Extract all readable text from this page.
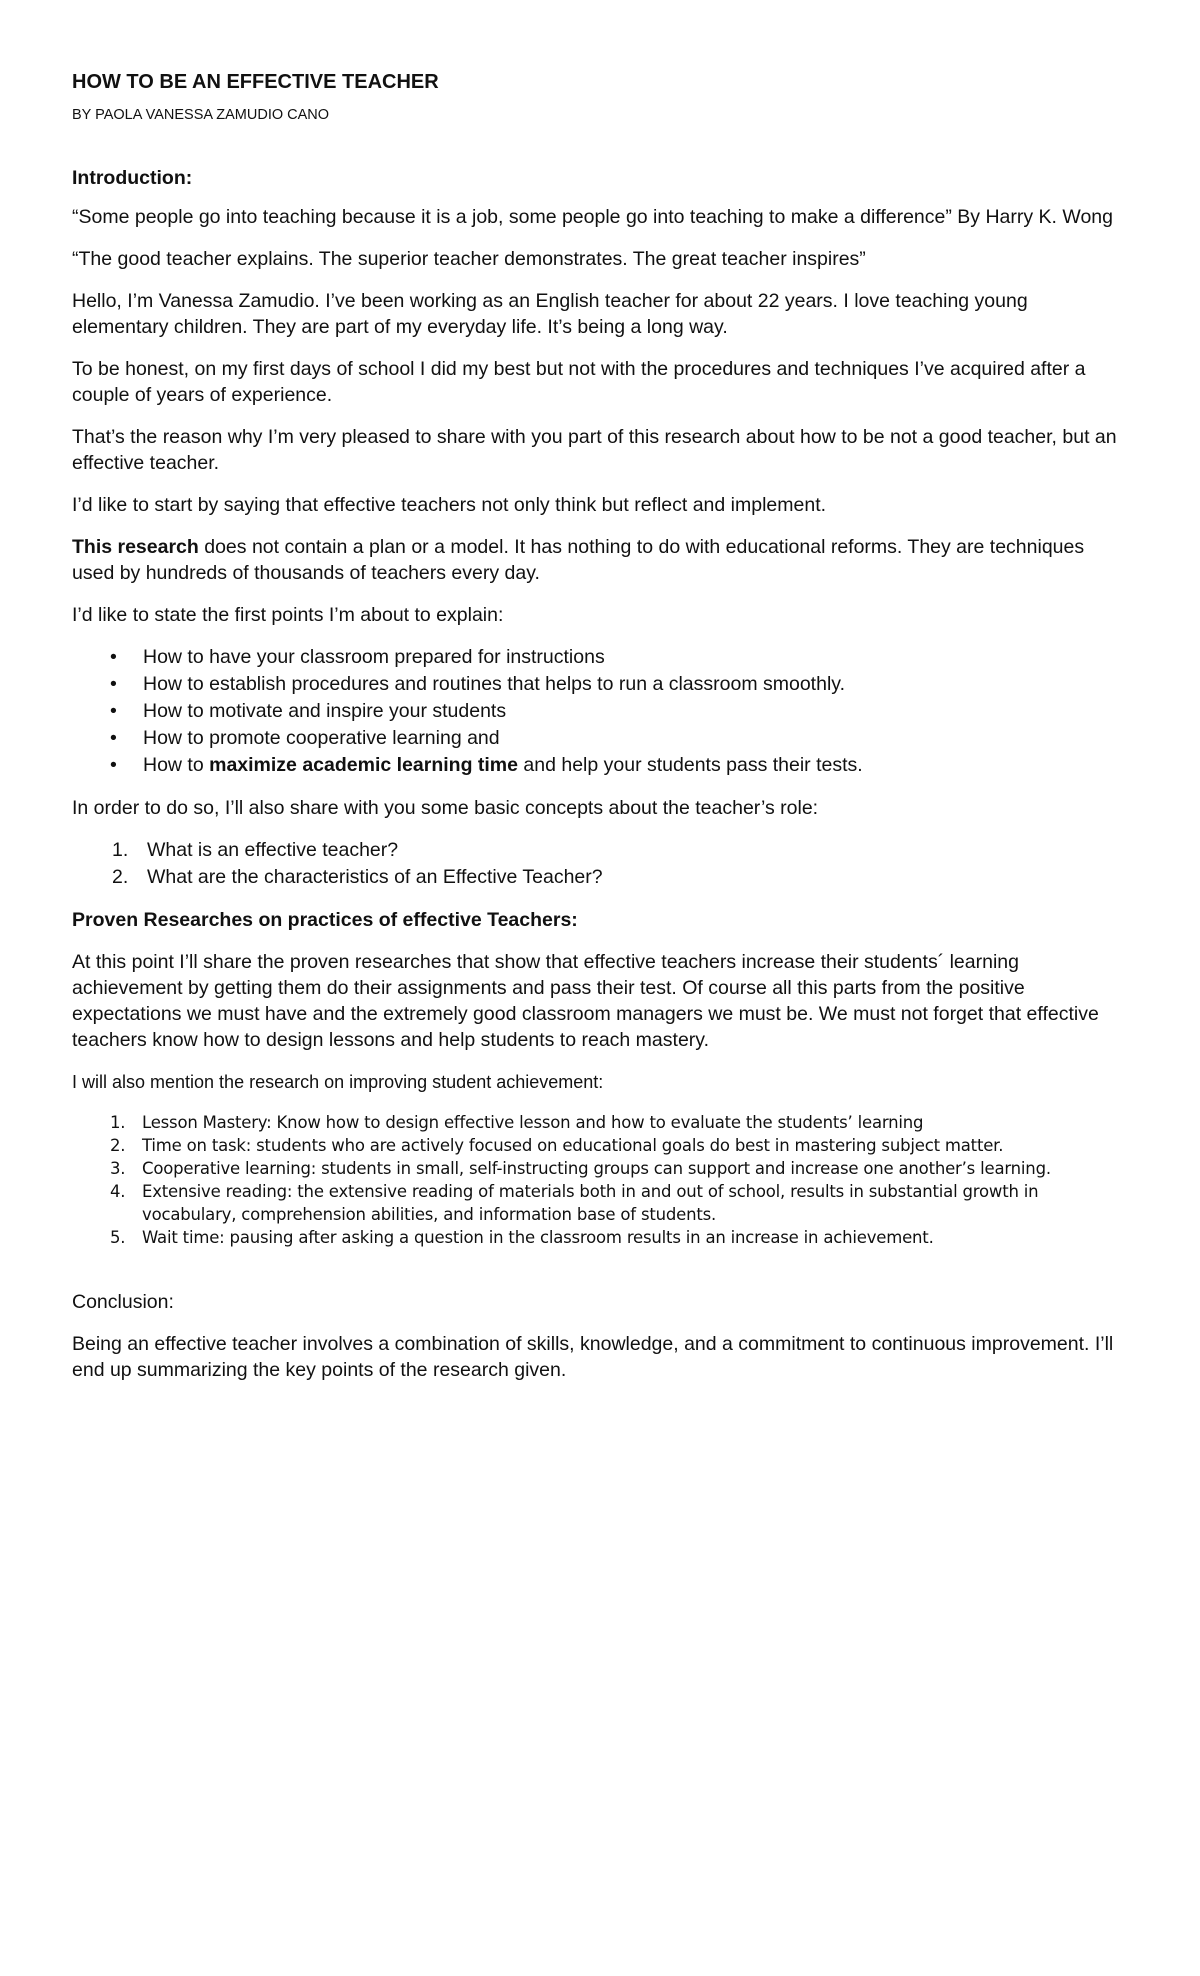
HOW TO BE AN EFFECTIVE TEACHER
BY PAOLA VANESSA ZAMUDIO CANO
Introduction:

“Some people go into teaching because it is a job, some people go into teaching to make a difference” By Harry K. Wong

“The good teacher explains. The superior teacher demonstrates. The great teacher inspires”

Hello, I’m Vanessa Zamudio. I’ve been working as an English teacher for about 22 years. I love teaching young elementary children. They are part of my everyday life. It’s being a long way.

To be honest, on my first days of school I did my best but not with the procedures and techniques I’ve acquired after a couple of years of experience.

That’s the reason why I’m very pleased to share with you part of this research about how to be not a good teacher, but an effective teacher.

I’d like to start by saying that effective teachers not only think but reflect and implement.

This research does not contain a plan or a model. It has nothing to do with educational reforms. They are techniques used by hundreds of thousands of teachers every day.

I’d like to state the first points I’m about to explain:

• How to have your classroom prepared for instructions
• How to establish procedures and routines that helps to run a classroom smoothly.
• How to motivate and inspire your students
• How to promote cooperative learning and
• How to maximize academic learning time and help your students pass their tests.

In order to do so, I’ll also share with you some basic concepts about the teacher’s role:

1. What is an effective teacher?
2. What are the characteristics of an Effective Teacher?
Proven Researches on practices of effective Teachers:

At this point I’ll share the proven researches that show that effective teachers increase their students´ learning achievement by getting them do their assignments and pass their test. Of course all this parts from the positive expectations we must have and the extremely good classroom managers we must be. We must not forget that effective teachers know how to design lessons and help students to reach mastery.

I will also mention the research on improving student achievement:

1. Lesson Mastery: Know how to design effective lesson and how to evaluate the students’ learning
2. Time on task: students who are actively focused on educational goals do best in mastering subject matter.
3. Cooperative learning: students in small, self-instructing groups can support and increase one another’s learning.
4. Extensive reading: the extensive reading of materials both in and out of school, results in substantial growth in vocabulary, comprehension abilities, and information base of students.
5. Wait time: pausing after asking a question in the classroom results in an increase in achievement.
Conclusion:

Being an effective teacher involves a combination of skills, knowledge, and a commitment to continuous improvement. I’ll end up summarizing the key points of the research given.
